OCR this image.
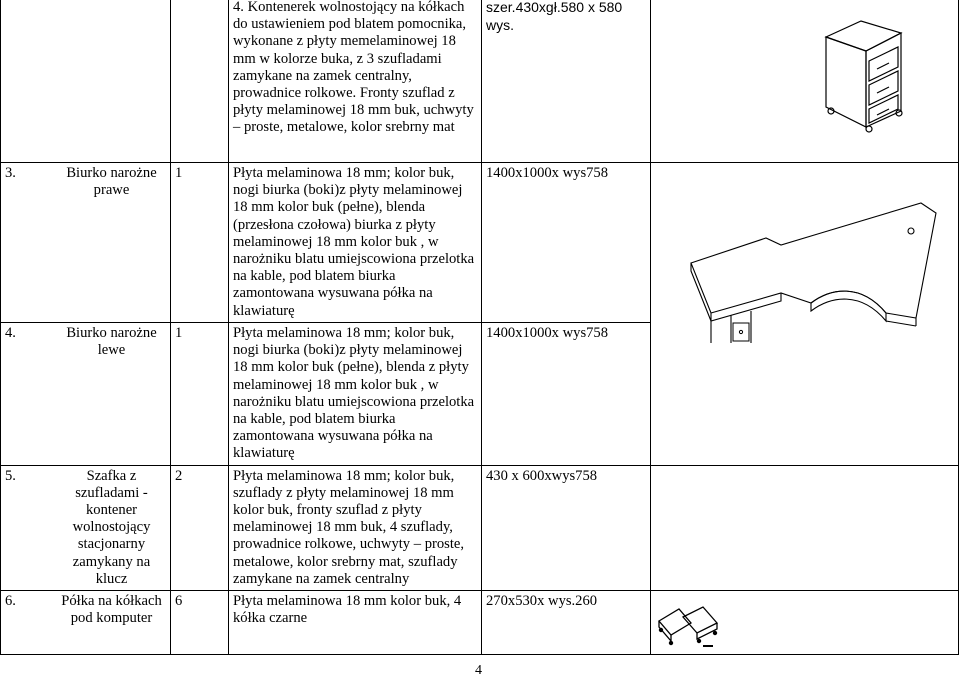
		4. Kontenerek wolnostojący na kółkach do ustawieniem pod blatem pomocnika, wykonane z płyty memelaminowej 18 mm w kolorze buka, z 3 szufladami zamykane na zamek centralny, prowadnice rolkowe. Fronty szuflad z płyty melaminowej 18 mm buk, uchwyty – proste, metalowe, kolor srebrny mat	szer.430xgł.580 x 580 wys.	

3. Biurko narożne prawe	1	Płyta melaminowa 18 mm; kolor buk, nogi biurka (boki)z płyty melaminowej 18 mm kolor buk (pełne), blenda (przesłona czołowa) biurka z płyty melaminowej 18 mm kolor buk , w narożniku blatu umiejscowiona przelotka na kable, pod blatem biurka zamontowana wysuwana półka na klawiaturę	1400x1000x wys758	

4. Biurko narożne lewe	1	Płyta melaminowa 18 mm; kolor buk, nogi biurka (boki)z płyty melaminowej 18 mm kolor buk (pełne), blenda z płyty melaminowej 18 mm kolor buk , w narożniku blatu umiejscowiona przelotka na kable, pod blatem biurka zamontowana wysuwana półka na klawiaturę	1400x1000x wys758	

5. Szafka z szufladami - kontener wolnostojący stacjonarny zamykany na klucz	2	Płyta melaminowa 18 mm; kolor buk, szuflady z płyty melaminowej 18 mm kolor buk, fronty szuflad z płyty melaminowej 18 mm buk, 4 szuflady, prowadnice rolkowe, uchwyty – proste, metalowe, kolor srebrny mat, szuflady zamykane na zamek centralny	430 x 600xwys758	

6. Półka na kółkach pod komputer	6	Płyta melaminowa 18 mm kolor buk, 4 kółka czarne	270x530x wys.260	
4
